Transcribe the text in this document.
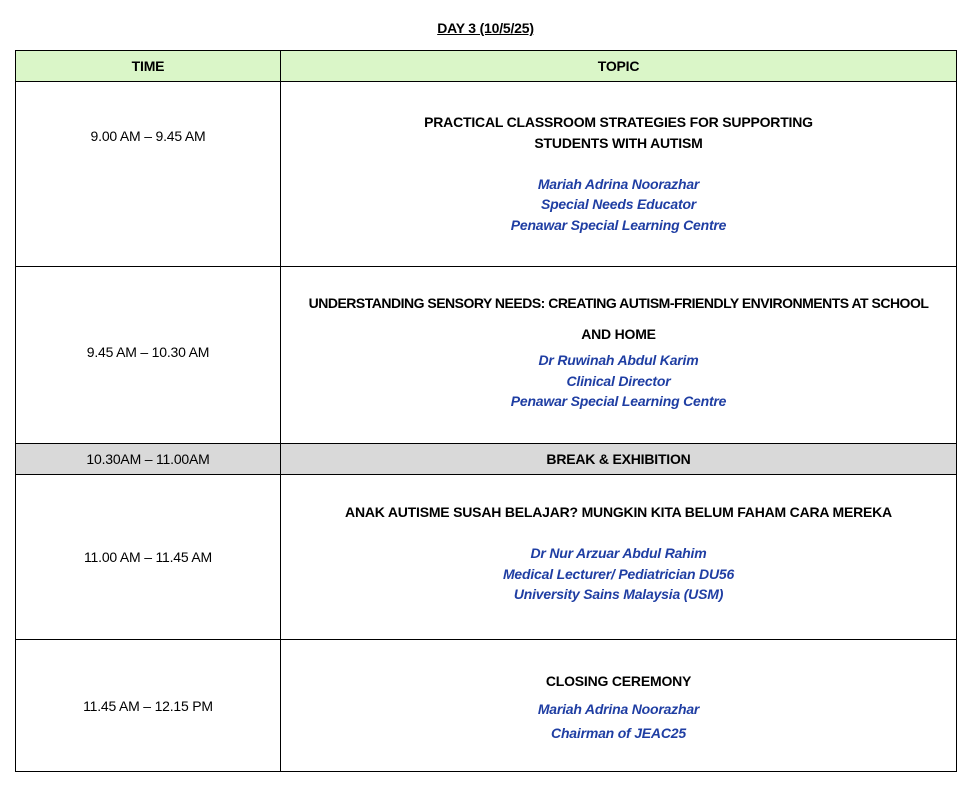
DAY 3 (10/5/25)
TIME	TOPIC

9.00 AM – 9.45 AM	PRACTICAL CLASSROOM STRATEGIES FOR SUPPORTING
STUDENTS WITH AUTISM
Mariah Adrina Noorazhar
Special Needs Educator
Penawar Special Learning Centre

9.45 AM – 10.30 AM	UNDERSTANDING SENSORY NEEDS: CREATING AUTISM-FRIENDLY ENVIRONMENTS AT SCHOOL
AND HOME
Dr Ruwinah Abdul Karim
Clinical Director
Penawar Special Learning Centre

10.30AM – 11.00AM	BREAK & EXHIBITION

11.00 AM – 11.45 AM	ANAK AUTISME SUSAH BELAJAR? MUNGKIN KITA BELUM FAHAM CARA MEREKA
Dr Nur Arzuar Abdul Rahim
Medical Lecturer/ Pediatrician DU56
University Sains Malaysia (USM)

11.45 AM – 12.15 PM	CLOSING CEREMONY
Mariah Adrina Noorazhar
Chairman of JEAC25
